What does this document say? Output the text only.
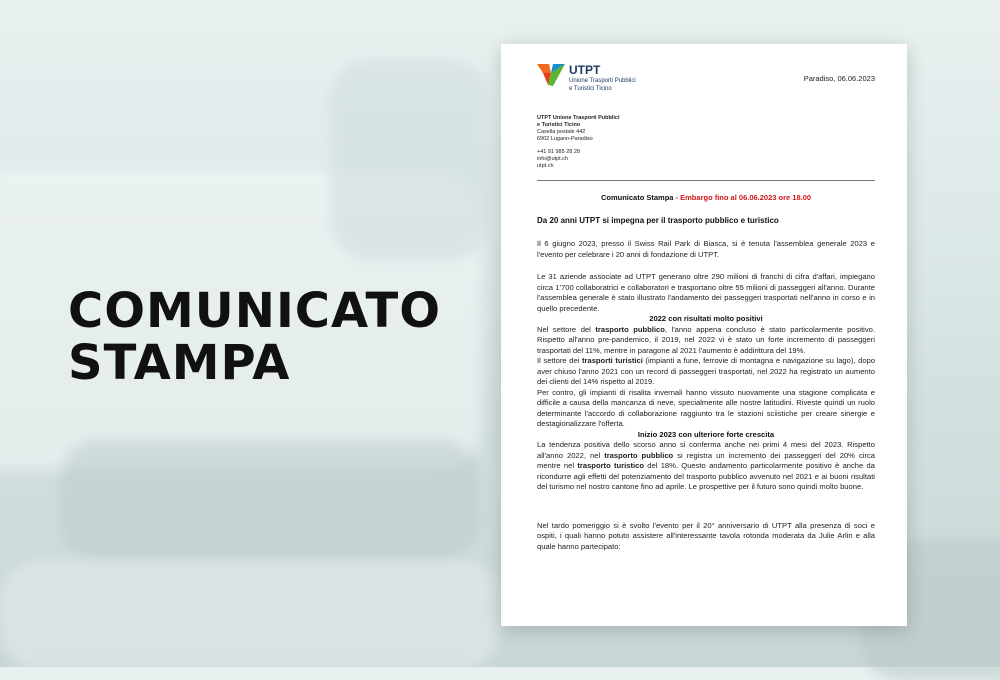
COMUNICATO
STAMPA
UTPT
Unione Trasporti Pubblici
e Turistici Ticino
Paradiso, 06.06.2023
UTPT Unione Trasporti Pubblici
e Turistici Ticino
Casella postale 442
6902 Lugano-Paradiso
+41 91 985 28 28
info@utpt.ch
utpt.ch
Comunicato Stampa - Embargo fino al 06.06.2023 ore 18.00
Da 20 anni UTPT si impegna per il trasporto pubblico e turistico

Il 6 giugno 2023, presso il Swiss Rail Park di Biasca, si è tenuta l'assemblea generale 2023 e l'evento per celebrare i 20 anni di fondazione di UTPT.

Le 31 aziende associate ad UTPT generano oltre 290 milioni di franchi di cifra d'affari, impiegano circa 1'700 collaboratrici e collaboratori e trasportano oltre 55 milioni di passeggeri all'anno. Durante l'assemblea generale è stato illustrato l'andamento dei passeggeri trasportati nell'anno in corso e in quello precedente.

2022 con risultati molto positivi

Nel settore del trasporto pubblico, l'anno appena concluso è stato particolarmente positivo. Rispetto all'anno pre-pandemico, il 2019, nel 2022 vi è stato un forte incremento di passeggeri trasportati del 11%, mentre in paragone al 2021 l'aumento è addirittura del 19%.

Il settore dei trasporti turistici (impianti a fune, ferrovie di montagna e navigazione su lago), dopo aver chiuso l'anno 2021 con un record di passeggeri trasportati, nel 2022 ha registrato un aumento dei clienti del 14% rispetto al 2019.

Per contro, gli impianti di risalita invernali hanno vissuto nuovamente una stagione complicata e difficile a causa della mancanza di neve, specialmente alle nostre latitudini. Riveste quindi un ruolo determinante l'accordo di collaborazione raggiunto tra le stazioni sciistiche per creare sinergie e destagionalizzare l'offerta.

Inizio 2023 con ulteriore forte crescita

La tendenza positiva dello scorso anno si conferma anche nei primi 4 mesi del 2023. Rispetto all'anno 2022, nel trasporto pubblico si registra un incremento dei passeggeri del 20% circa mentre nel trasporto turistico del 18%. Questo andamento particolarmente positivo è anche da ricondurre agli effetti del potenziamento del trasporto pubblico avvenuto nel 2021 e ai buoni risultati del turismo nel nostro cantone fino ad aprile. Le prospettive per il futuro sono quindi molto buone.

Nel tardo pomeriggio si è svolto l'evento per il 20° anniversario di UTPT alla presenza di soci e ospiti, i quali hanno potuto assistere all'interessante tavola rotonda moderata da Julie Arlin e alla quale hanno partecipato:
